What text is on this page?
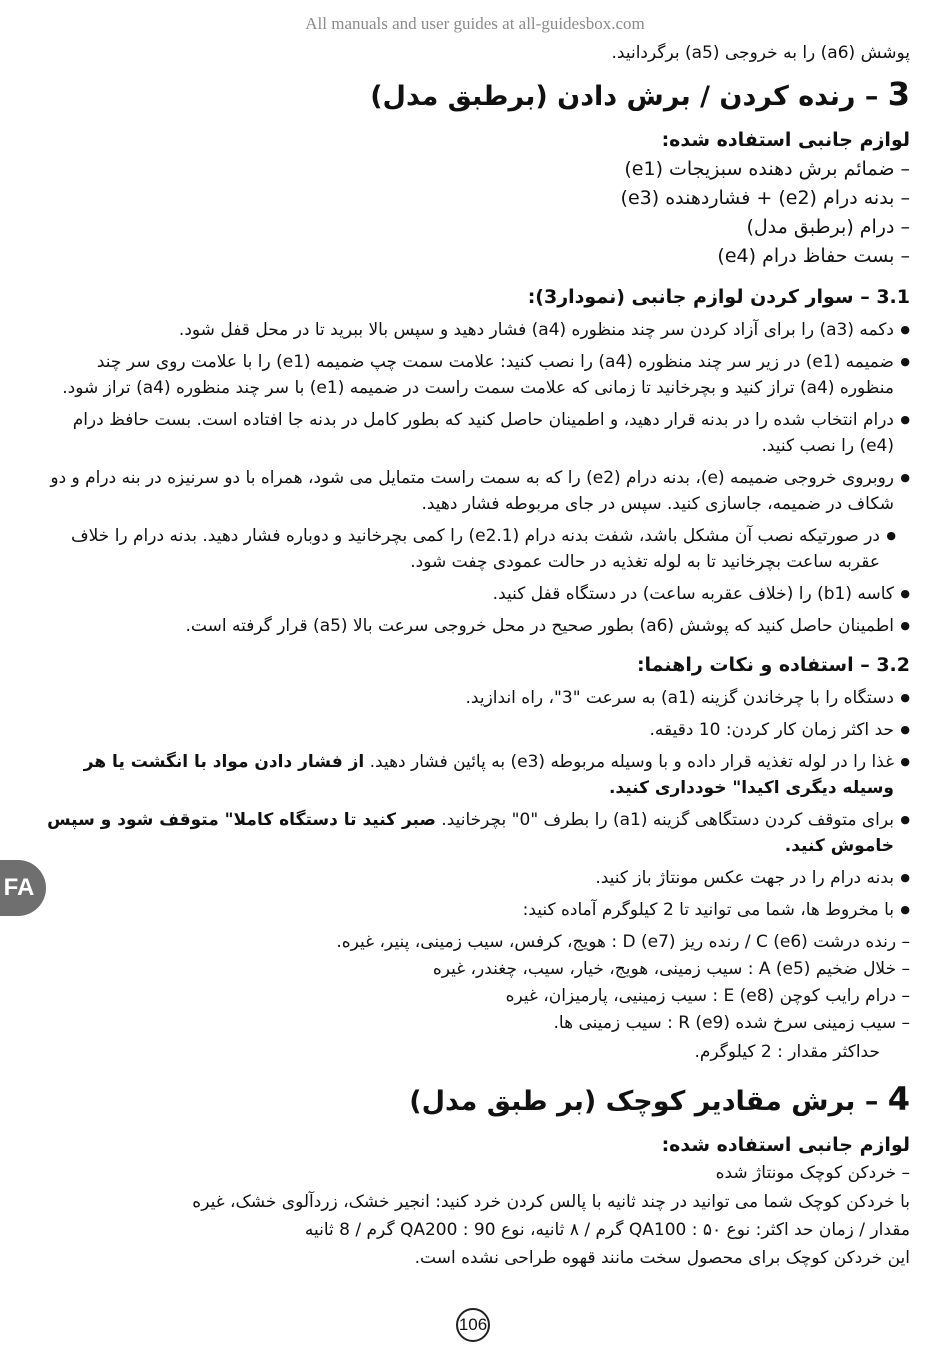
All manuals and user guides at all-guidesbox.com
FA

پوشش (a6) را به خروجی (a5) برگردانید.

3 – رنده کردن / برش دادن (برطبق مدل)
لوازم جانبی استفاده شده:
– ضمائم برش دهنده سبزیجات (e1)
– بدنه درام (e2) + فشاردهنده (e3)
– درام (برطبق مدل)
– بست حفاظ درام (e4)
3.1 – سوار کردن لوازم جانبی (نمودار3):
● دکمه (a3) را برای آزاد کردن سر چند منظوره (a4) فشار دهید و سپس بالا ببرید تا در محل قفل شود.
● ضمیمه (e1) در زیر سر چند منظوره (a4) را نصب کنید: علامت سمت چپ ضمیمه (e1) را با علامت روی سر چند منظوره (a4) تراز کنید و بچرخانید تا زمانی که علامت سمت راست در ضمیمه (e1) با سر چند منظوره (a4) تراز شود.
● درام انتخاب شده را در بدنه قرار دهید، و اطمینان حاصل کنید که بطور کامل در بدنه جا افتاده است. بست حافظ درام (e4) را نصب کنید.
● روبروی خروجی ضمیمه (e)، بدنه درام (e2) را که به سمت راست متمایل می شود، همراه با دو سرنیزه در بنه درام و دو شکاف در ضمیمه، جاسازی کنید. سپس در جای مربوطه فشار دهید.
● در صورتیکه نصب آن مشکل باشد، شفت بدنه درام (e2.1) را کمی بچرخانید و دوباره فشار دهید. بدنه درام را خلاف عقربه ساعت بچرخانید تا به لوله تغذیه در حالت عمودی چفت شود.
● کاسه (b1) را (خلاف عقربه ساعت) در دستگاه قفل کنید.
● اطمینان حاصل کنید که پوشش (a6) بطور صحیح در محل خروجی سرعت بالا (a5) قرار گرفته است.
3.2 – استفاده و نکات راهنما:
● دستگاه را با چرخاندن گزینه (a1) به سرعت "3"، راه اندازید.
● حد اکثر زمان کار کردن: 10 دقیقه.
● غذا را در لوله تغذیه قرار داده و با وسیله مربوطه (e3) به پائین فشار دهید. از فشار دادن مواد با انگشت یا هر وسیله دیگری اکیدا" خودداری کنید.
● برای متوقف کردن دستگاهی گزینه (a1) را بطرف "0" بچرخانید. صبر کنید تا دستگاه کاملا" متوقف شود و سپس خاموش کنید.
● بدنه درام را در جهت عکس مونتاژ باز کنید.
● با مخروط ها، شما می توانید تا 2 کیلوگرم آماده کنید:
– رنده درشت C (e6) / رنده ریز D (e7) : هویج، کرفس، سیب زمینی، پنیر، غیره.
– خلال ضخیم A (e5) : سیب زمینی، هویج، خیار، سیب، چغندر، غیره
– درام رایب کوچن E (e8) : سیب زمینیی، پارمیزان، غیره
– سیب زمینی سرخ شده R (e9) : سیب زمینی ها.

حداکثر مقدار : 2 کیلوگرم.

4 – برش مقادیر کوچک (بر طبق مدل)
لوازم جانبی استفاده شده:
– خردکن کوچک مونتاژ شده

با خردکن کوچک شما می توانید در چند ثانیه با پالس کردن خرد کنید: انجیر خشک، زردآلوی خشک، غیره

مقدار / زمان حد اکثر: نوع QA100 : ۵۰ گرم / ۸ ثانیه، نوع QA200 : 90 گرم / 8 ثانیه

این خردکن کوچک برای محصول سخت مانند قهوه طراحی نشده است.

106
